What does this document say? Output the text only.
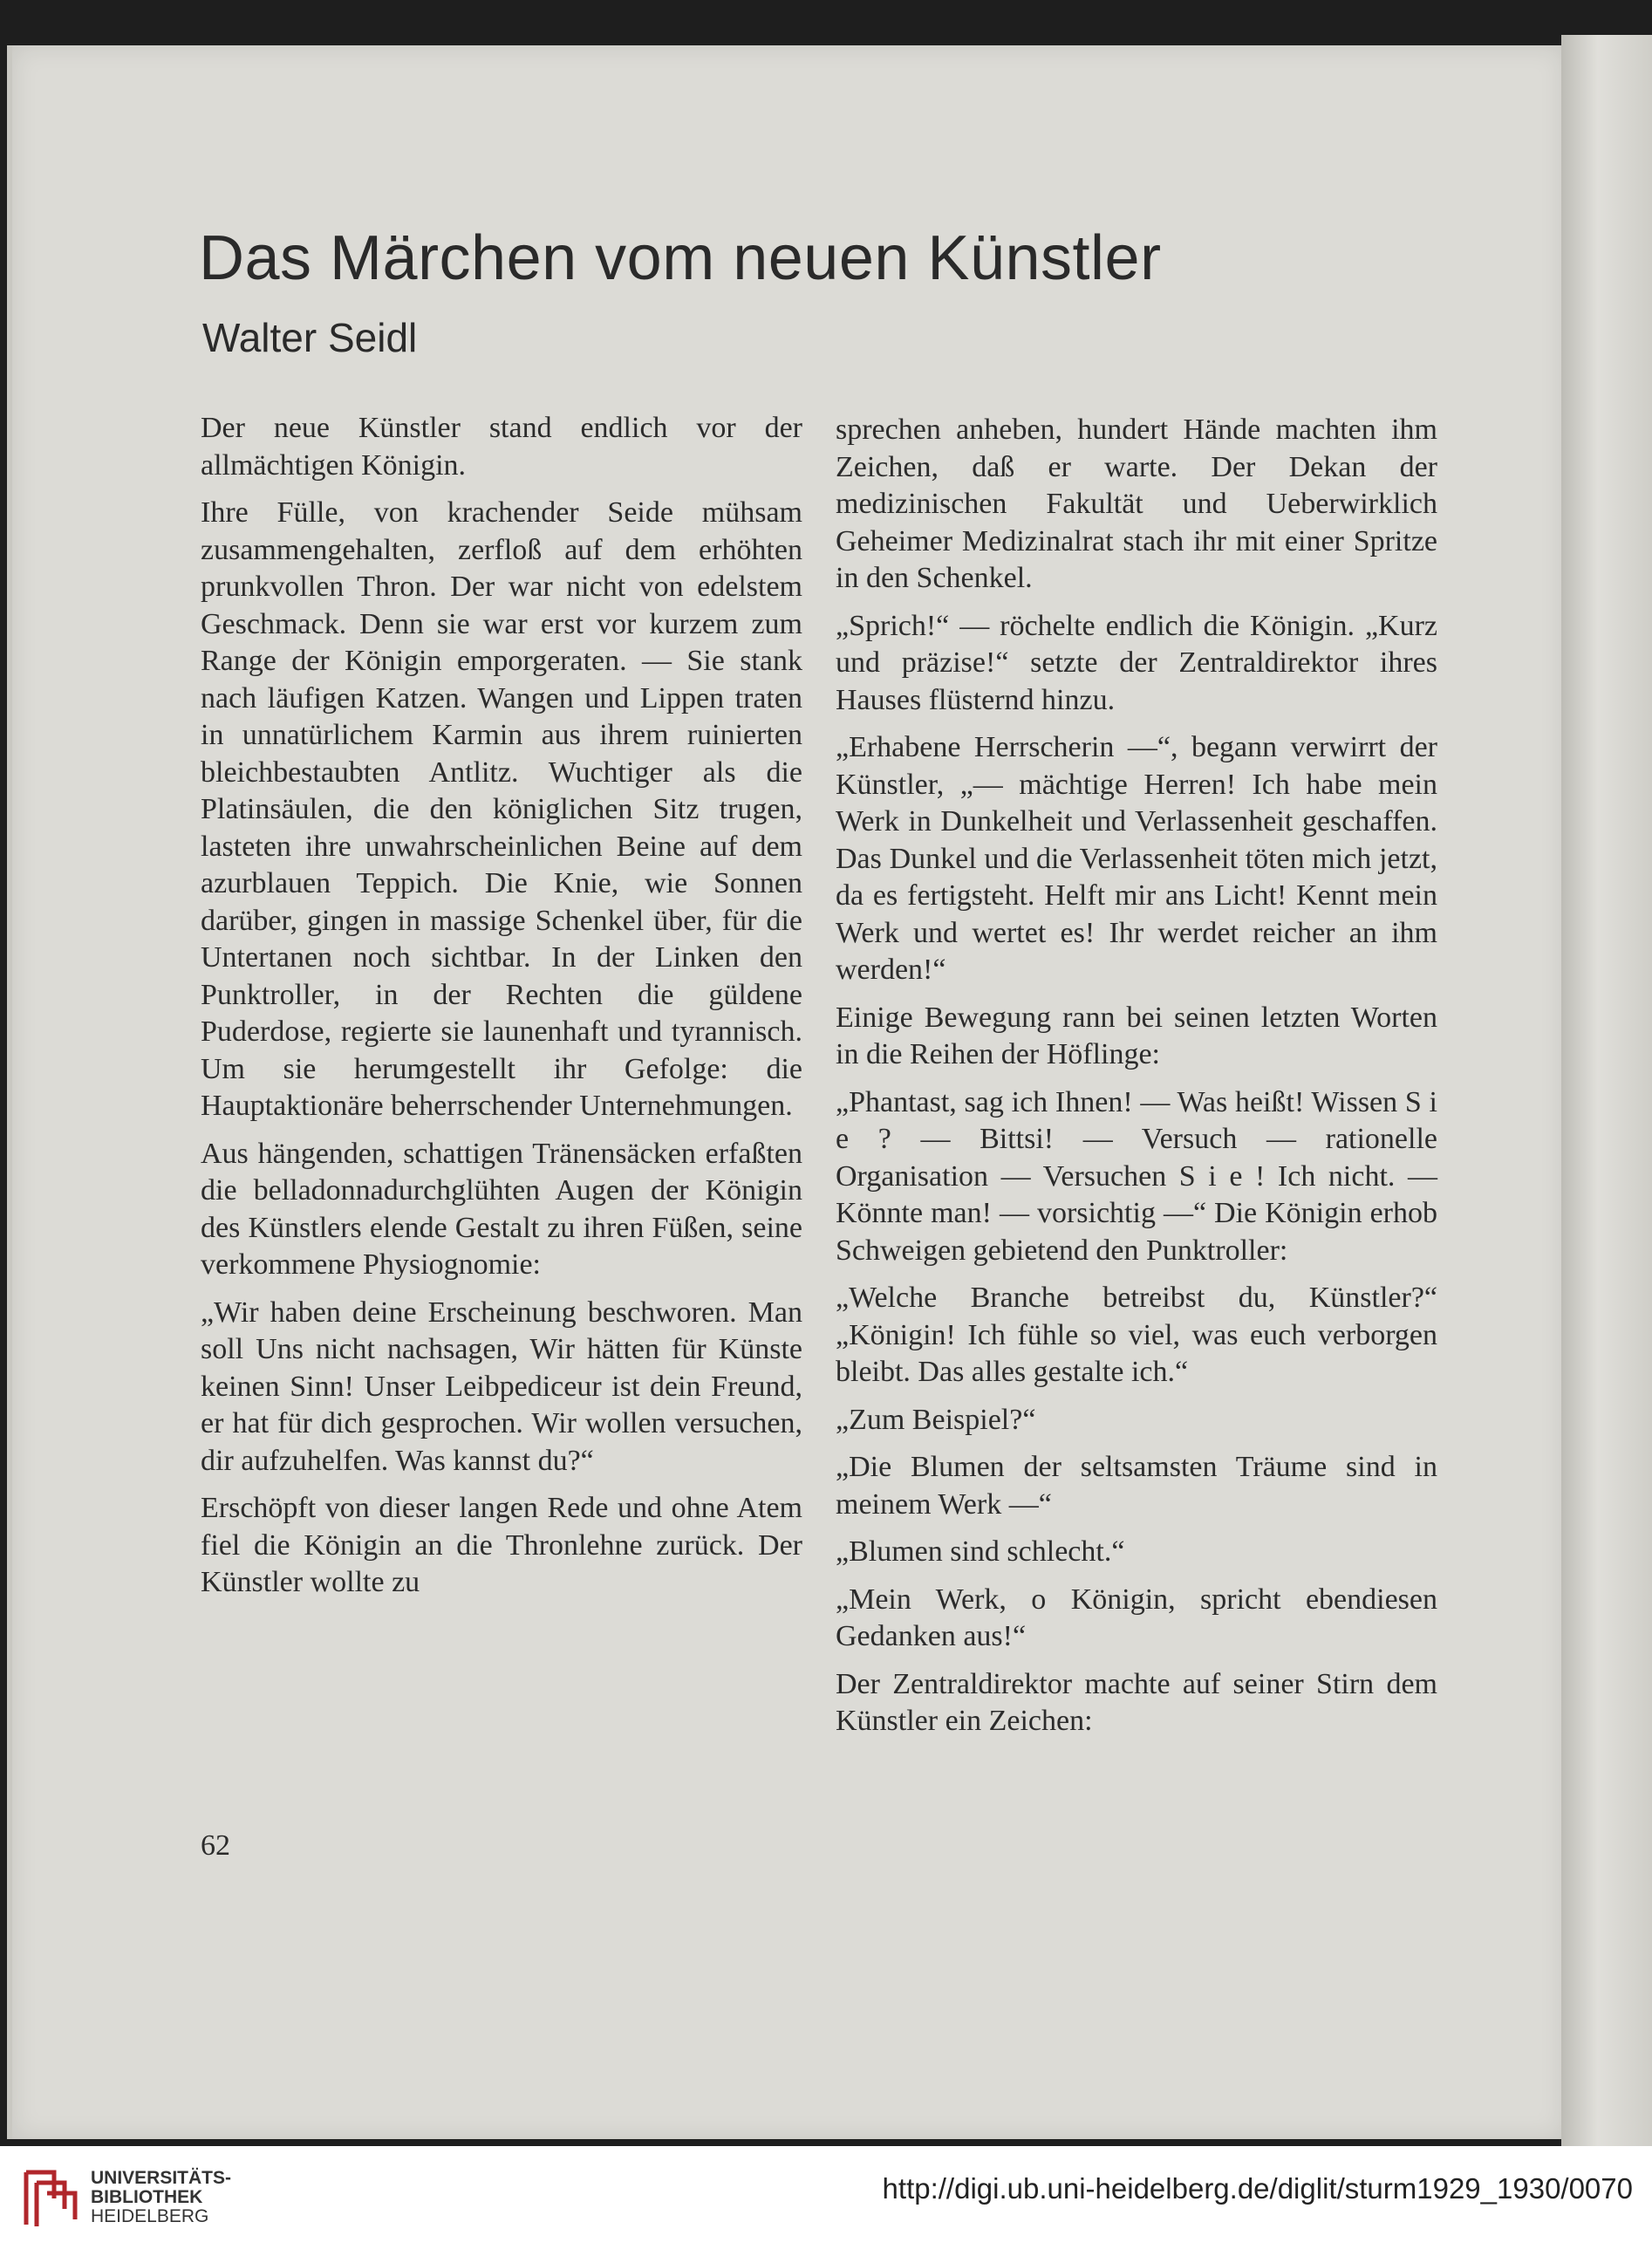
Das Märchen vom neuen Künstler
Walter Seidl

Der neue Künstler stand endlich vor der allmächtigen Königin.

Ihre Fülle, von krachender Seide mühsam zusammengehalten, zerfloß auf dem erhöhten prunkvollen Thron. Der war nicht von edelstem Geschmack. Denn sie war erst vor kurzem zum Range der Königin emporgeraten. — Sie stank nach läufigen Katzen. Wangen und Lippen traten in unnatürlichem Karmin aus ihrem ruinierten bleichbestaubten Antlitz. Wuchtiger als die Platinsäulen, die den königlichen Sitz trugen, lasteten ihre unwahrscheinlichen Beine auf dem azurblauen Teppich. Die Knie, wie Sonnen darüber, gingen in massige Schenkel über, für die Untertanen noch sichtbar. In der Linken den Punktroller, in der Rechten die güldene Puderdose, regierte sie launenhaft und tyrannisch. Um sie herumgestellt ihr Gefolge: die Hauptaktionäre beherrschender Unternehmungen.

Aus hängenden, schattigen Tränensäcken erfaßten die belladonnadurchglühten Augen der Königin des Künstlers elende Gestalt zu ihren Füßen, seine verkommene Physiognomie:

„Wir haben deine Erscheinung beschworen. Man soll Uns nicht nachsagen, Wir hätten für Künste keinen Sinn! Unser Leibpediceur ist dein Freund, er hat für dich gesprochen. Wir wollen versuchen, dir aufzuhelfen. Was kannst du?“

Erschöpft von dieser langen Rede und ohne Atem fiel die Königin an die Thronlehne zurück. Der Künstler wollte zu

sprechen anheben, hundert Hände machten ihm Zeichen, daß er warte. Der Dekan der medizinischen Fakultät und Ueberwirklich Geheimer Medizinalrat stach ihr mit einer Spritze in den Schenkel.

„Sprich!“ — röchelte endlich die Königin. „Kurz und präzise!“ setzte der Zentraldirektor ihres Hauses flüsternd hinzu.

„Erhabene Herrscherin —“, begann verwirrt der Künstler, „— mächtige Herren! Ich habe mein Werk in Dunkelheit und Verlassenheit geschaffen. Das Dunkel und die Verlassenheit töten mich jetzt, da es fertigsteht. Helft mir ans Licht! Kennt mein Werk und wertet es! Ihr werdet reicher an ihm werden!“

Einige Bewegung rann bei seinen letzten Worten in die Reihen der Höflinge:

„Phantast, sag ich Ihnen! — Was heißt! Wissen S i e ? — Bittsi! — Versuch — rationelle Organisation — Versuchen S i e ! Ich nicht. — Könnte man! — vorsichtig —“ Die Königin erhob Schweigen gebietend den Punktroller:

„Welche Branche betreibst du, Künstler?“ „Königin! Ich fühle so viel, was euch verborgen bleibt. Das alles gestalte ich.“

„Zum Beispiel?“

„Die Blumen der seltsamsten Träume sind in meinem Werk —“

„Blumen sind schlecht.“

„Mein Werk, o Königin, spricht ebendiesen Gedanken aus!“

Der Zentraldirektor machte auf seiner Stirn dem Künstler ein Zeichen:

62
UNIVERSITÄTS-
BIBLIOTHEK
HEIDELBERG
http://digi.ub.uni-heidelberg.de/diglit/sturm1929_1930/0070
